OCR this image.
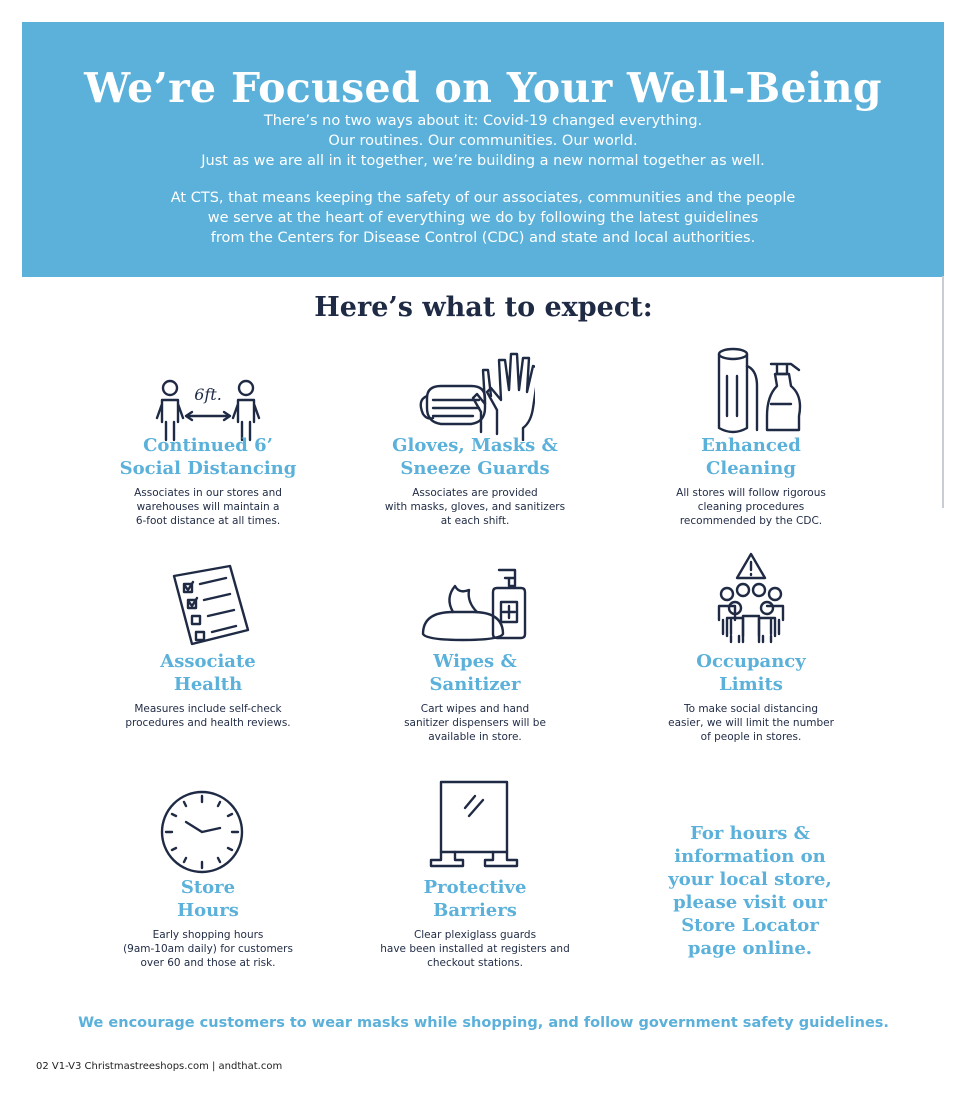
We’re Focused on Your Well-Being
There’s no two ways about it: Covid-19 changed everything.
Our routines. Our communities. Our world.
Just as we are all in it together, we’re building a new normal together as well.
At CTS, that means keeping the safety of our associates, communities and the people
we serve at the heart of everything we do by following the latest guidelines
from the Centers for Disease Control (CDC) and state and local authorities.
Here’s what to expect:
6ft.
Continued 6’
Social Distancing
Associates in our stores and
warehouses will maintain a
6-foot distance at all times.
Gloves, Masks &
Sneeze Guards
Associates are provided
with masks, gloves, and sanitizers
at each shift.
Enhanced
Cleaning
All stores will follow rigorous
cleaning procedures
recommended by the CDC.
Associate
Health
Measures include self-check
procedures and health reviews.
Wipes &
Sanitizer
Cart wipes and hand
sanitizer dispensers will be
available in store.
Occupancy
Limits
To make social distancing
easier, we will limit the number
of people in stores.
Store
Hours
Early shopping hours
(9am-10am daily) for customers
over 60 and those at risk.
Protective
Barriers
Clear plexiglass guards
have been installed at registers and
checkout stations.
For hours &
information on
your local store,
please visit our
Store Locator
page online.
We encourage customers to wear masks while shopping, and follow government safety guidelines.
02 V1-V3 Christmastreeshops.com | andthat.com
